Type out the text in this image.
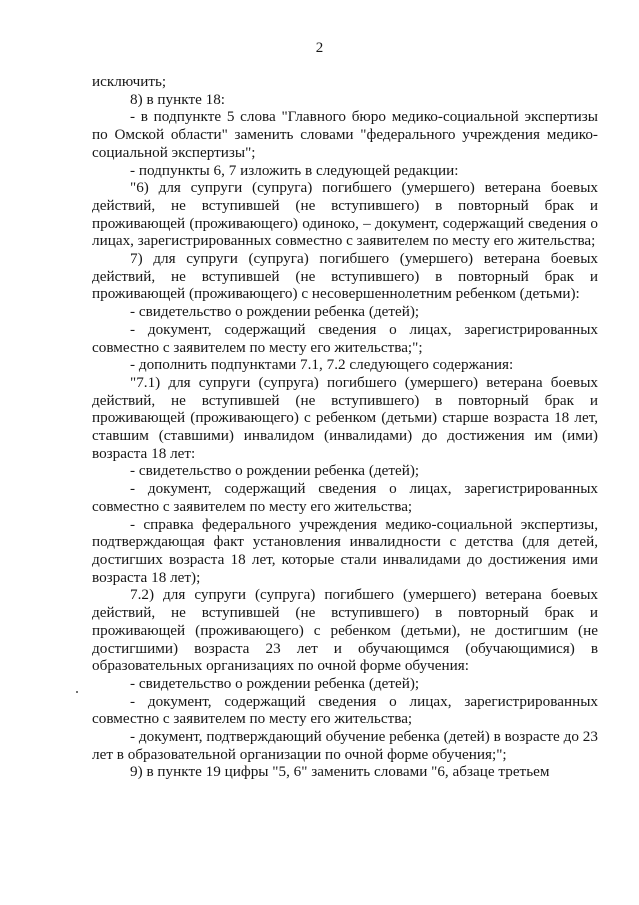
2

исключить;

8) в пункте 18:

- в подпункте 5 слова "Главного бюро медико-социальной экспертизы по Омской области" заменить словами "федерального учреждения медико-социальной экспертизы";

- подпункты 6, 7 изложить в следующей редакции:

"6) для супруги (супруга) погибшего (умершего) ветерана боевых действий, не вступившей (не вступившего) в повторный брак и проживающей (проживающего) одиноко, – документ, содержащий сведения о лицах, зарегистрированных совместно с заявителем по месту его жительства;

7) для супруги (супруга) погибшего (умершего) ветерана боевых действий, не вступившей (не вступившего) в повторный брак и проживающей (проживающего) с несовершеннолетним ребенком (детьми):

- свидетельство о рождении ребенка (детей);

- документ, содержащий сведения о лицах, зарегистрированных совместно с заявителем по месту его жительства;";

- дополнить подпунктами 7.1, 7.2 следующего содержания:

"7.1) для супруги (супруга) погибшего (умершего) ветерана боевых действий, не вступившей (не вступившего) в повторный брак и проживающей (проживающего) с ребенком (детьми) старше возраста 18 лет, ставшим (ставшими) инвалидом (инвалидами) до достижения им (ими) возраста 18 лет:

- свидетельство о рождении ребенка (детей);

- документ, содержащий сведения о лицах, зарегистрированных совместно с заявителем по месту его жительства;

- справка федерального учреждения медико-социальной экспертизы, подтверждающая факт установления инвалидности с детства (для детей, достигших возраста 18 лет, которые стали инвалидами до достижения ими возраста 18 лет);

7.2) для супруги (супруга) погибшего (умершего) ветерана боевых действий, не вступившей (не вступившего) в повторный брак и проживающей (проживающего) с ребенком (детьми), не достигшим (не достигшими) возраста 23 лет и обучающимся (обучающимися) в образовательных организациях по очной форме обучения:

- свидетельство о рождении ребенка (детей);

- документ, содержащий сведения о лицах, зарегистрированных совместно с заявителем по месту его жительства;

- документ, подтверждающий обучение ребенка (детей) в возрасте до 23 лет в образовательной организации по очной форме обучения;";

9) в пункте 19 цифры "5, 6" заменить словами "6, абзаце третьем
